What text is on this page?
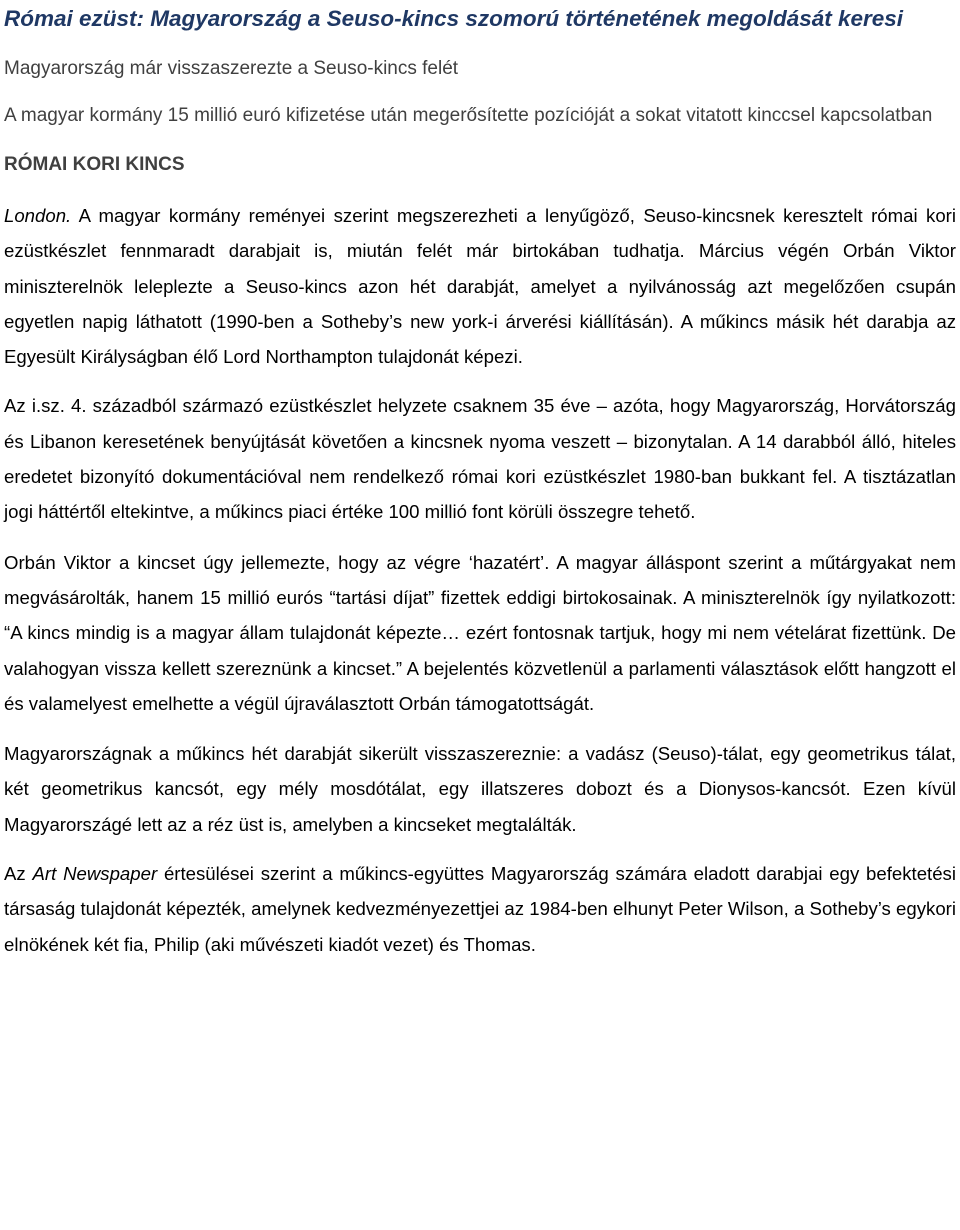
Római ezüst: Magyarország a Seuso-kincs szomorú történetének megoldását keresi

Magyarország már visszaszerezte a Seuso-kincs felét

A magyar kormány 15 millió euró kifizetése után megerősítette pozícióját a sokat vitatott kinccsel kapcsolatban

RÓMAI KORI KINCS

London. A magyar kormány reményei szerint megszerezheti a lenyűgöző, Seuso-kincsnek keresztelt római kori ezüstkészlet fennmaradt darabjait is, miután felét már birtokában tudhatja. Március végén Orbán Viktor miniszterelnök leleplezte a Seuso-kincs azon hét darabját, amelyet a nyilvánosság azt megelőzően csupán egyetlen napig láthatott (1990-ben a Sotheby’s new york-i árverési kiállításán). A műkincs másik hét darabja az Egyesült Királyságban élő Lord Northampton tulajdonát képezi.

Az i.sz. 4. századból származó ezüstkészlet helyzete csaknem 35 éve – azóta, hogy Magyarország, Horvátország és Libanon keresetének benyújtását követően a kincsnek nyoma veszett – bizonytalan. A 14 darabból álló, hiteles eredetet bizonyító dokumentációval nem rendelkező római kori ezüstkészlet 1980-ban bukkant fel. A tisztázatlan jogi háttértől eltekintve, a műkincs piaci értéke 100 millió font körüli összegre tehető.

Orbán Viktor a kincset úgy jellemezte, hogy az végre ‘hazatért’. A magyar álláspont szerint a műtárgyakat nem megvásárolták, hanem 15 millió eurós “tartási díjat” fizettek eddigi birtokosainak. A miniszterelnök így nyilatkozott: “A kincs mindig is a magyar állam tulajdonát képezte… ezért fontosnak tartjuk, hogy mi nem vételárat fizettünk. De valahogyan vissza kellett szereznünk a kincset.” A bejelentés közvetlenül a parlamenti választások előtt hangzott el és valamelyest emelhette a végül újraválasztott Orbán támogatottságát.

Magyarországnak a műkincs hét darabját sikerült visszaszereznie: a vadász (Seuso)-tálat, egy geometrikus tálat, két geometrikus kancsót, egy mély mosdótálat, egy illatszeres dobozt és a Dionysos-kancsót. Ezen kívül Magyarországé lett az a réz üst is, amelyben a kincseket megtalálták.

Az Art Newspaper értesülései szerint a műkincs-együttes Magyarország számára eladott darabjai egy befektetési társaság tulajdonát képezték, amelynek kedvezményezettjei az 1984-ben elhunyt Peter Wilson, a Sotheby’s egykori elnökének két fia, Philip (aki művészeti kiadót vezet) és Thomas.
